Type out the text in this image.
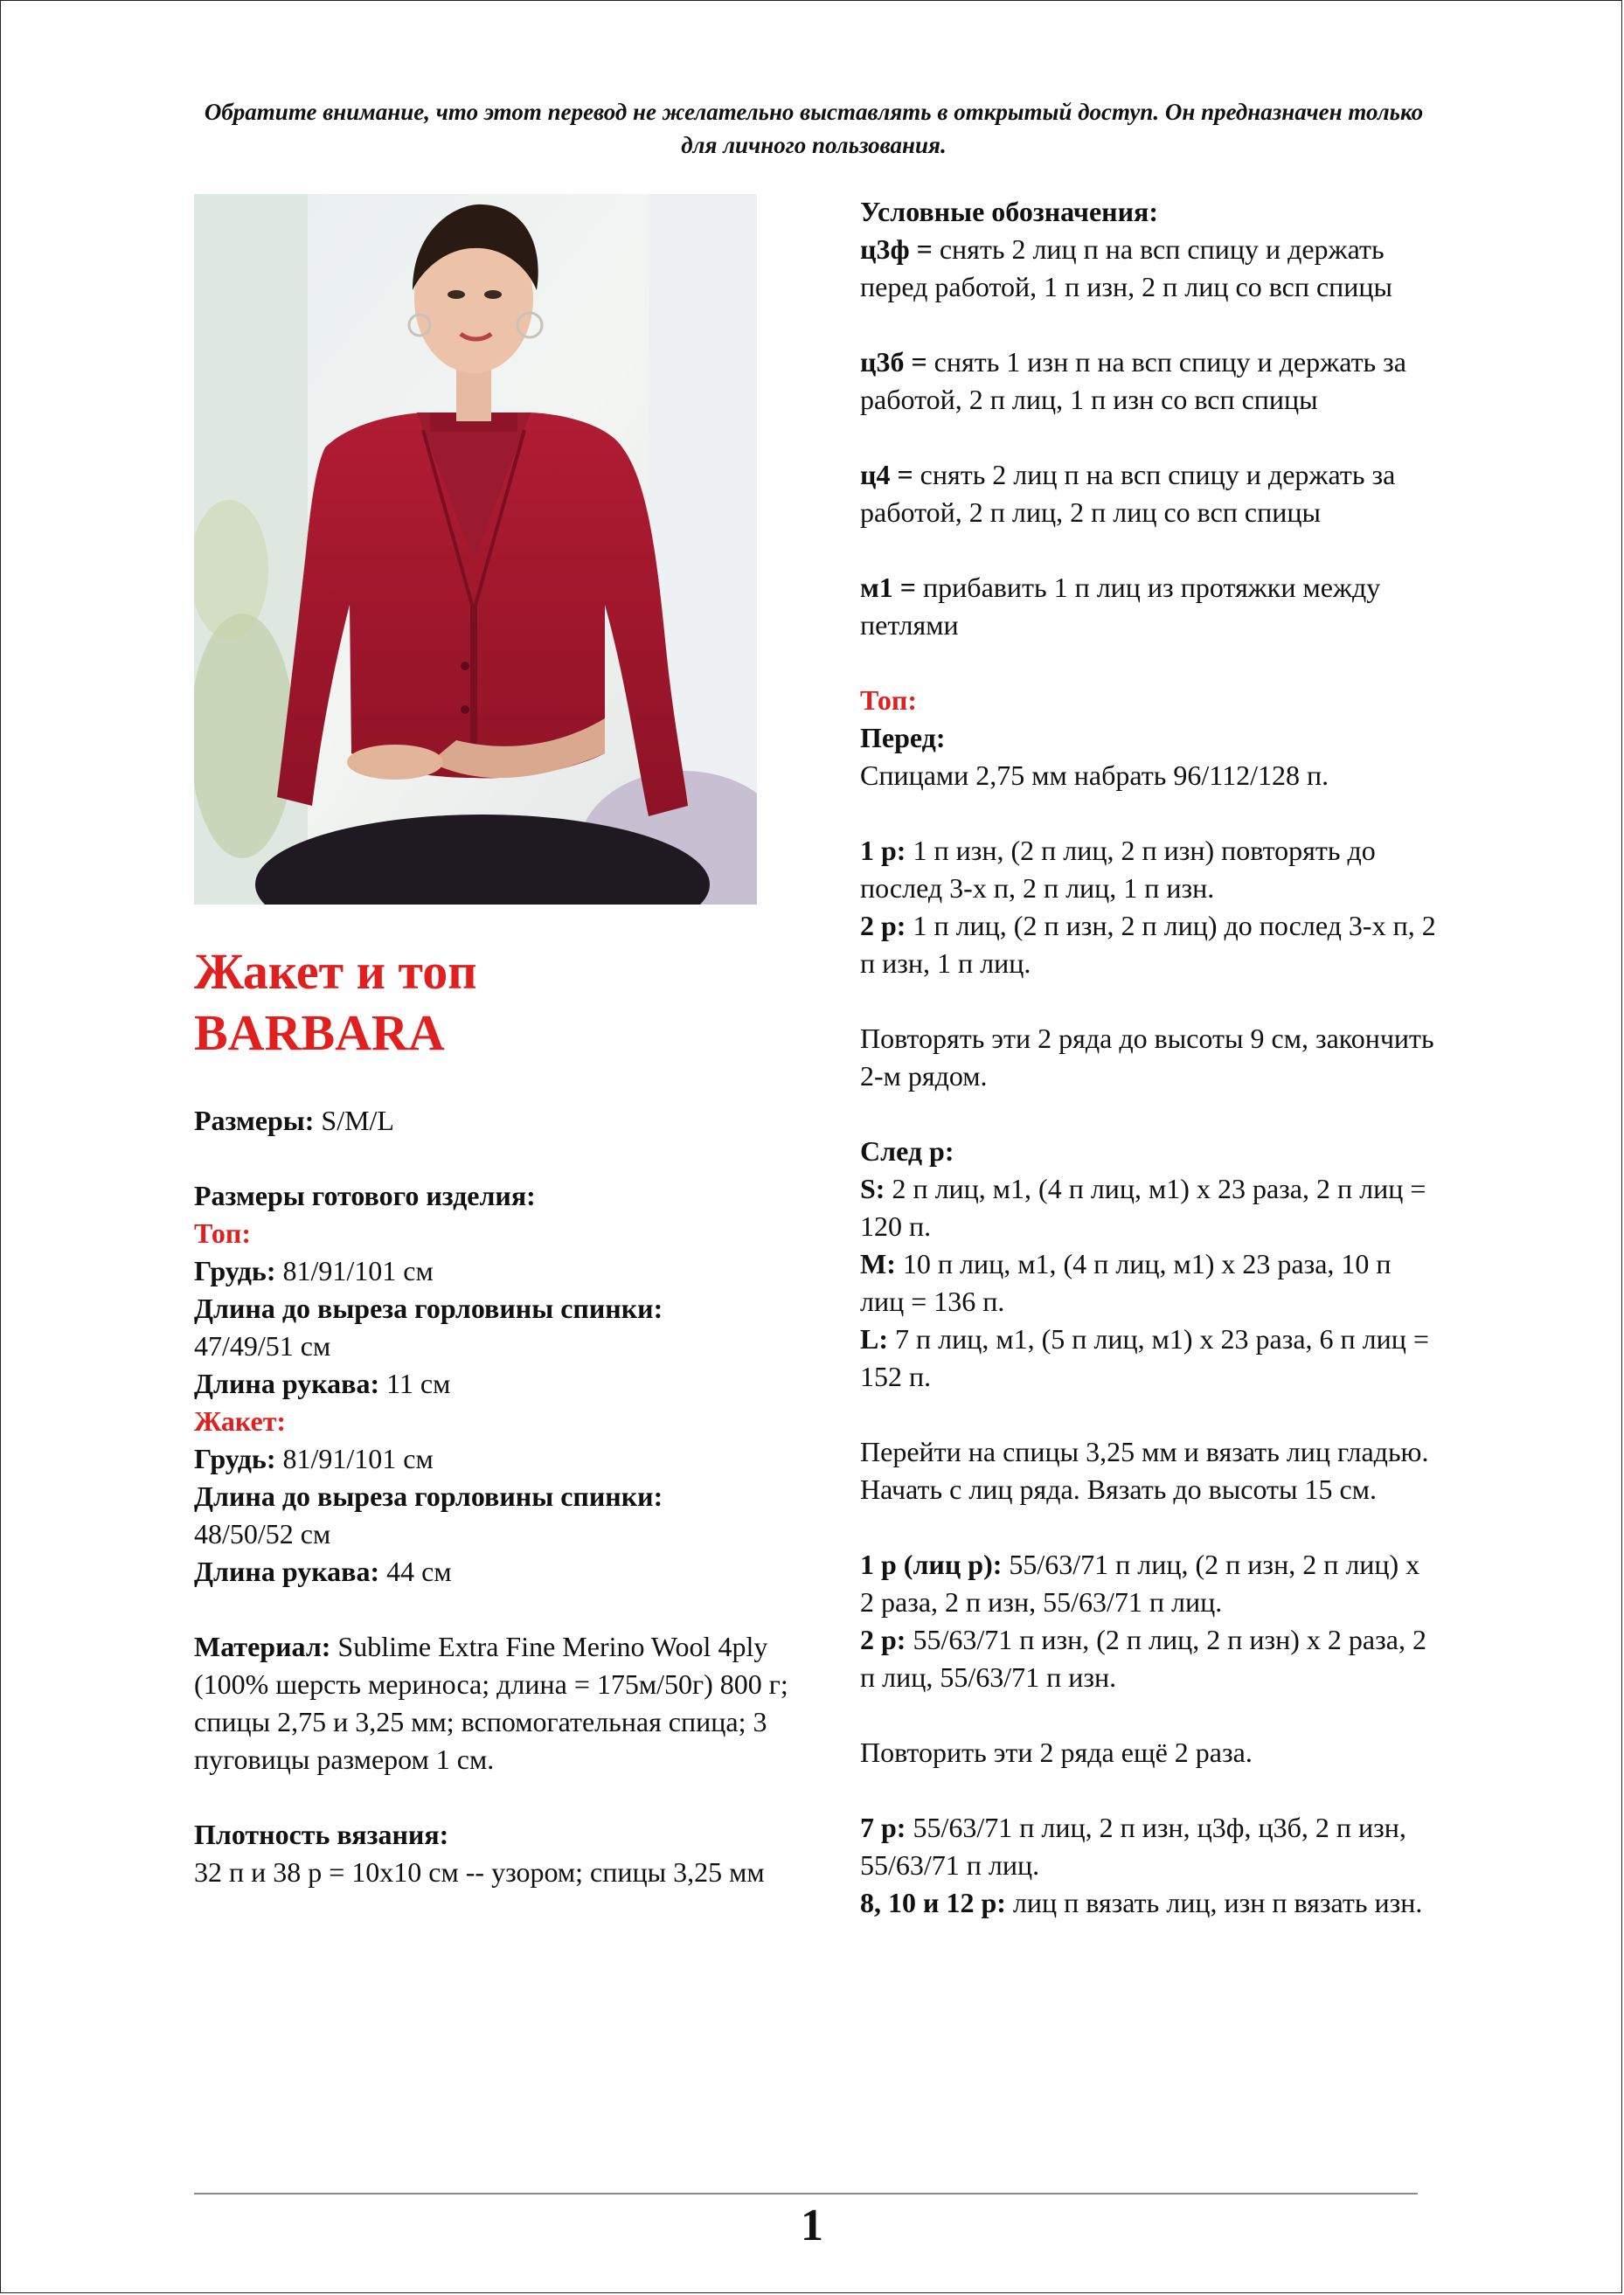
Обратите внимание, что этот перевод не желательно выставлять в открытый доступ. Он предназначен только для личного пользования.
Жакет и топ
BARBARA
Размеры: S/M/L
Размеры готового изделия:
Топ:
Грудь: 81/91/101 см
Длина до выреза горловины спинки:
47/49/51 см
Длина рукава: 11 см
Жакет:
Грудь: 81/91/101 см
Длина до выреза горловины спинки:
48/50/52 см
Длина рукава: 44 см
Материал: Sublime Extra Fine Merino Wool 4ply (100% шерсть мериноса; длина = 175м/50г) 800 г; спицы 2,75 и 3,25 мм; вспомогательная спица; 3 пуговицы размером 1 см.
Плотность вязания:
32 п и 38 р = 10x10 см -- узором; спицы 3,25 мм
Условные обозначения:
ц3ф = снять 2 лиц п на всп спицу и держать перед работой, 1 п изн, 2 п лиц со всп спицы
ц3б = снять 1 изн п на всп спицу и держать за работой, 2 п лиц, 1 п изн со всп спицы
ц4 = снять 2 лиц п на всп спицу и держать за работой, 2 п лиц, 2 п лиц со всп спицы
м1 = прибавить 1 п лиц из протяжки между петлями
Топ:
Перед:
Спицами 2,75 мм набрать 96/112/128 п.
1 р: 1 п изн, (2 п лиц, 2 п изн) повторять до послед 3-х п, 2 п лиц, 1 п изн.
2 р: 1 п лиц, (2 п изн, 2 п лиц) до послед 3-х п, 2 п изн, 1 п лиц.
Повторять эти 2 ряда до высоты 9 см, закончить 2-м рядом.
След р:
S: 2 п лиц, м1, (4 п лиц, м1) х 23 раза, 2 п лиц = 120 п.
M: 10 п лиц, м1, (4 п лиц, м1) х 23 раза, 10 п лиц = 136 п.
L: 7 п лиц, м1, (5 п лиц, м1) х 23 раза, 6 п лиц = 152 п.
Перейти на спицы 3,25 мм и вязать лиц гладью. Начать с лиц ряда. Вязать до высоты 15 см.
1 р (лиц р): 55/63/71 п лиц, (2 п изн, 2 п лиц) х 2 раза, 2 п изн, 55/63/71 п лиц.
2 р: 55/63/71 п изн, (2 п лиц, 2 п изн) х 2 раза, 2 п лиц, 55/63/71 п изн.
Повторить эти 2 ряда ещё 2 раза.
7 р: 55/63/71 п лиц, 2 п изн, ц3ф, ц3б, 2 п изн, 55/63/71 п лиц.
8, 10 и 12 р: лиц п вязать лиц, изн п вязать изн.
1
